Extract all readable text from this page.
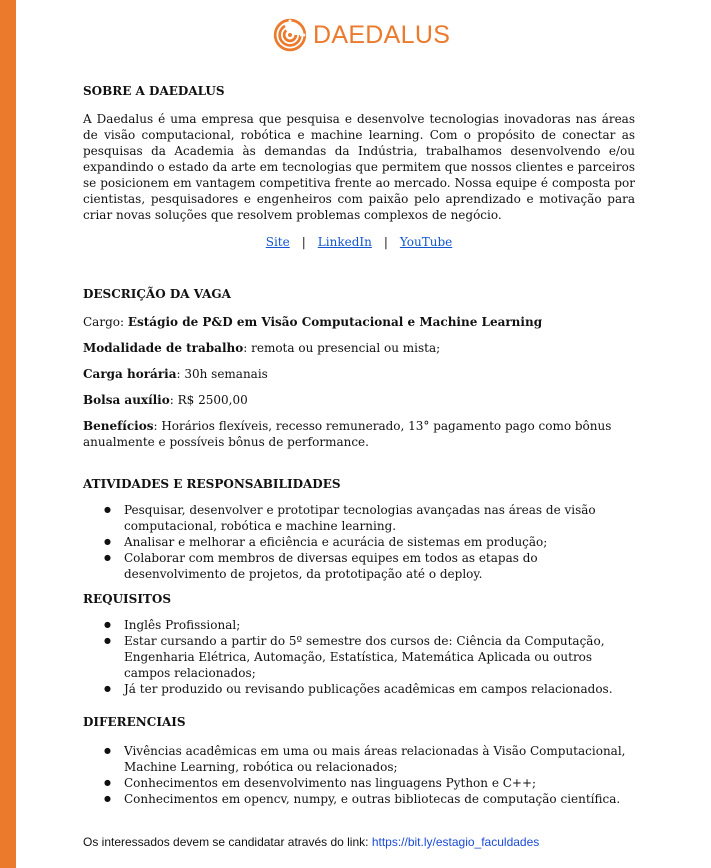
DAEDALUS
SOBRE A DAEDALUS

A Daedalus é uma empresa que pesquisa e desenvolve tecnologias inovadoras nas áreas de visão computacional, robótica e machine learning. Com o propósito de conectar as pesquisas da Academia às demandas da Indústria, trabalhamos desenvolvendo e/ou expandindo o estado da arte em tecnologias que permitem que nossos clientes e parceiros se posicionem em vantagem competitiva frente ao mercado. Nossa equipe é composta por cientistas, pesquisadores e engenheiros com paixão pelo aprendizado e motivação para criar novas soluções que resolvem problemas complexos de negócio.

Site | LinkedIn | YouTube

DESCRIÇÃO DA VAGA

Cargo: Estágio de P&D em Visão Computacional e Machine Learning

Modalidade de trabalho: remota ou presencial ou mista;

Carga horária: 30h semanais

Bolsa auxílio: R$ 2500,00

Benefícios: Horários flexíveis, recesso remunerado, 13° pagamento pago como bônus anualmente e possíveis bônus de performance.

ATIVIDADES E RESPONSABILIDADES
● Pesquisar, desenvolver e prototipar tecnologias avançadas nas áreas de visão computacional, robótica e machine learning.
● Analisar e melhorar a eficiência e acurácia de sistemas em produção;
● Colaborar com membros de diversas equipes em todos as etapas do desenvolvimento de projetos, da prototipação até o deploy.
REQUISITOS
● Inglês Profissional;
● Estar cursando a partir do 5º semestre dos cursos de: Ciência da Computação, Engenharia Elétrica, Automação, Estatística, Matemática Aplicada ou outros campos relacionados;
● Já ter produzido ou revisando publicações acadêmicas em campos relacionados.
DIFERENCIAIS
● Vivências acadêmicas em uma ou mais áreas relacionadas à Visão Computacional, Machine Learning, robótica ou relacionados;
● Conhecimentos em desenvolvimento nas linguagens Python e C++;
● Conhecimentos em opencv, numpy, e outras bibliotecas de computação científica.

Os interessados devem se candidatar através do link: https://bit.ly/estagio_faculdades
